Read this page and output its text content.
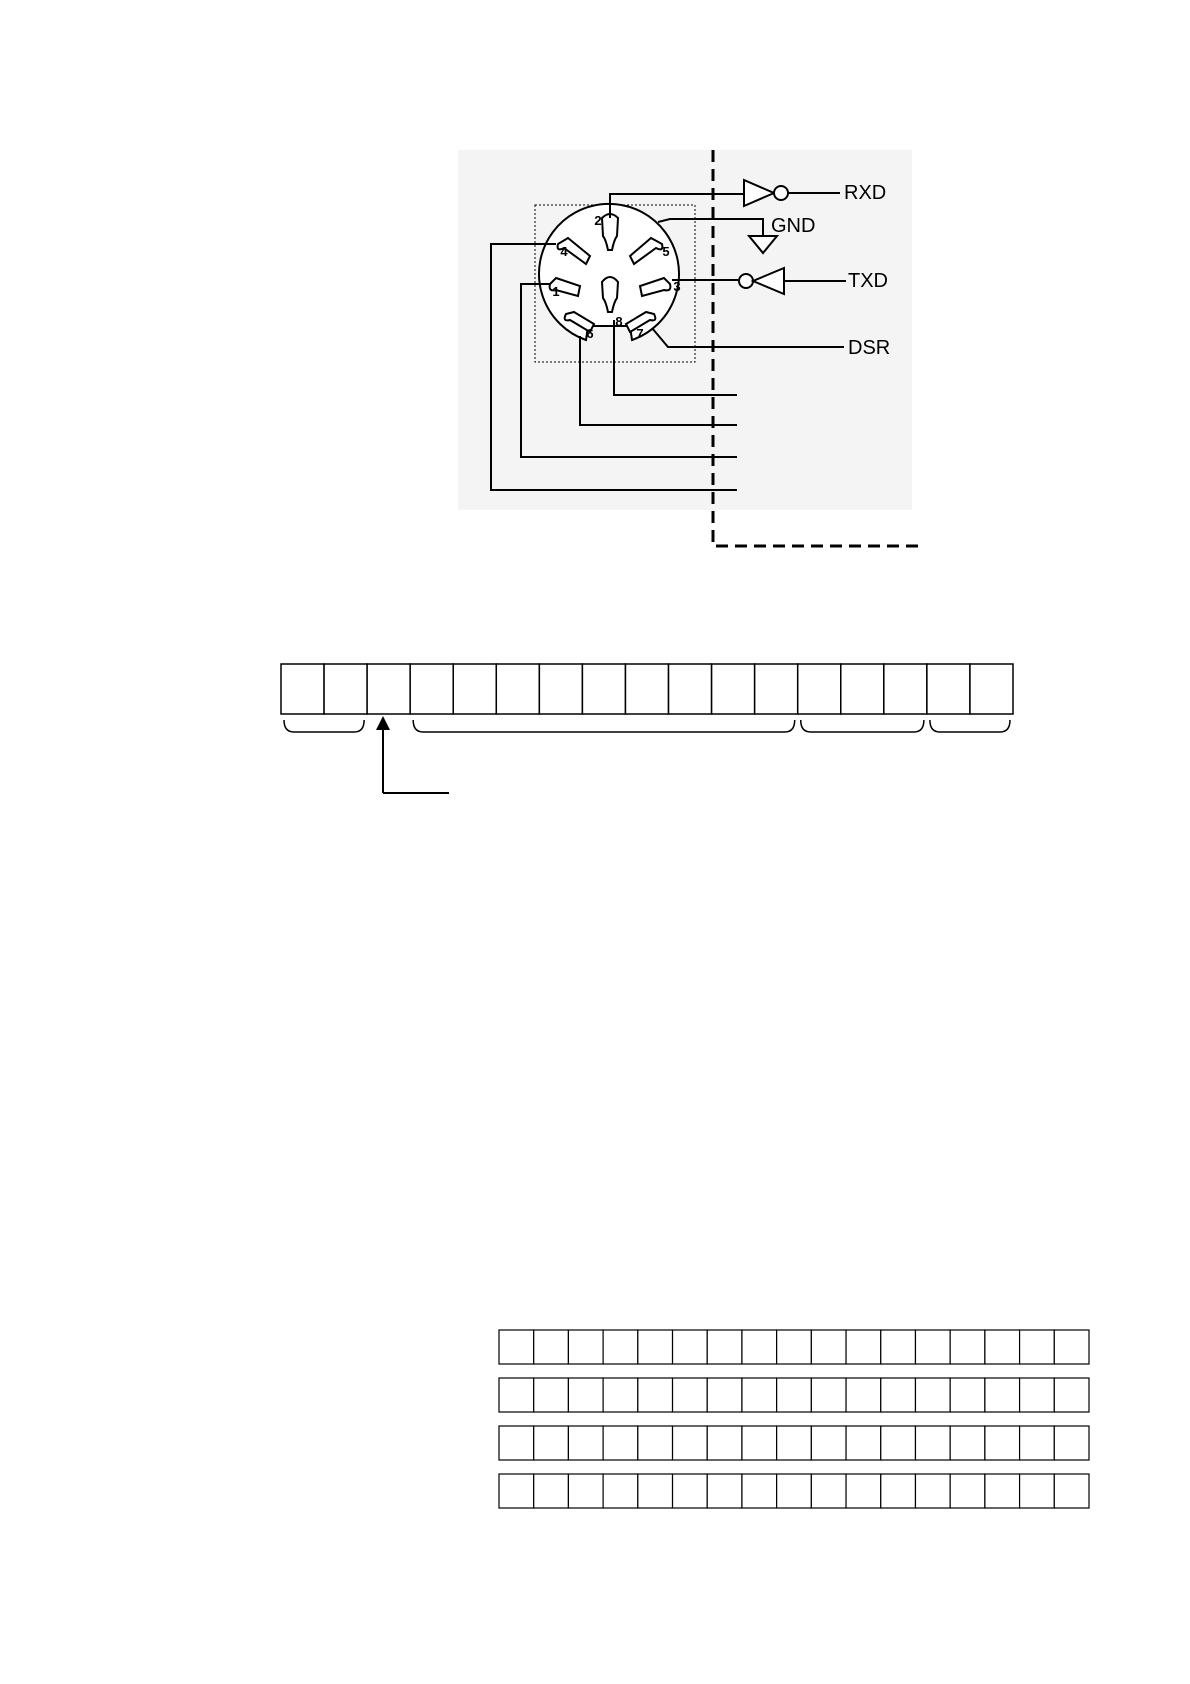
2
4	5
1	3
8
6	7
RXD
GND
TXD
DSR
